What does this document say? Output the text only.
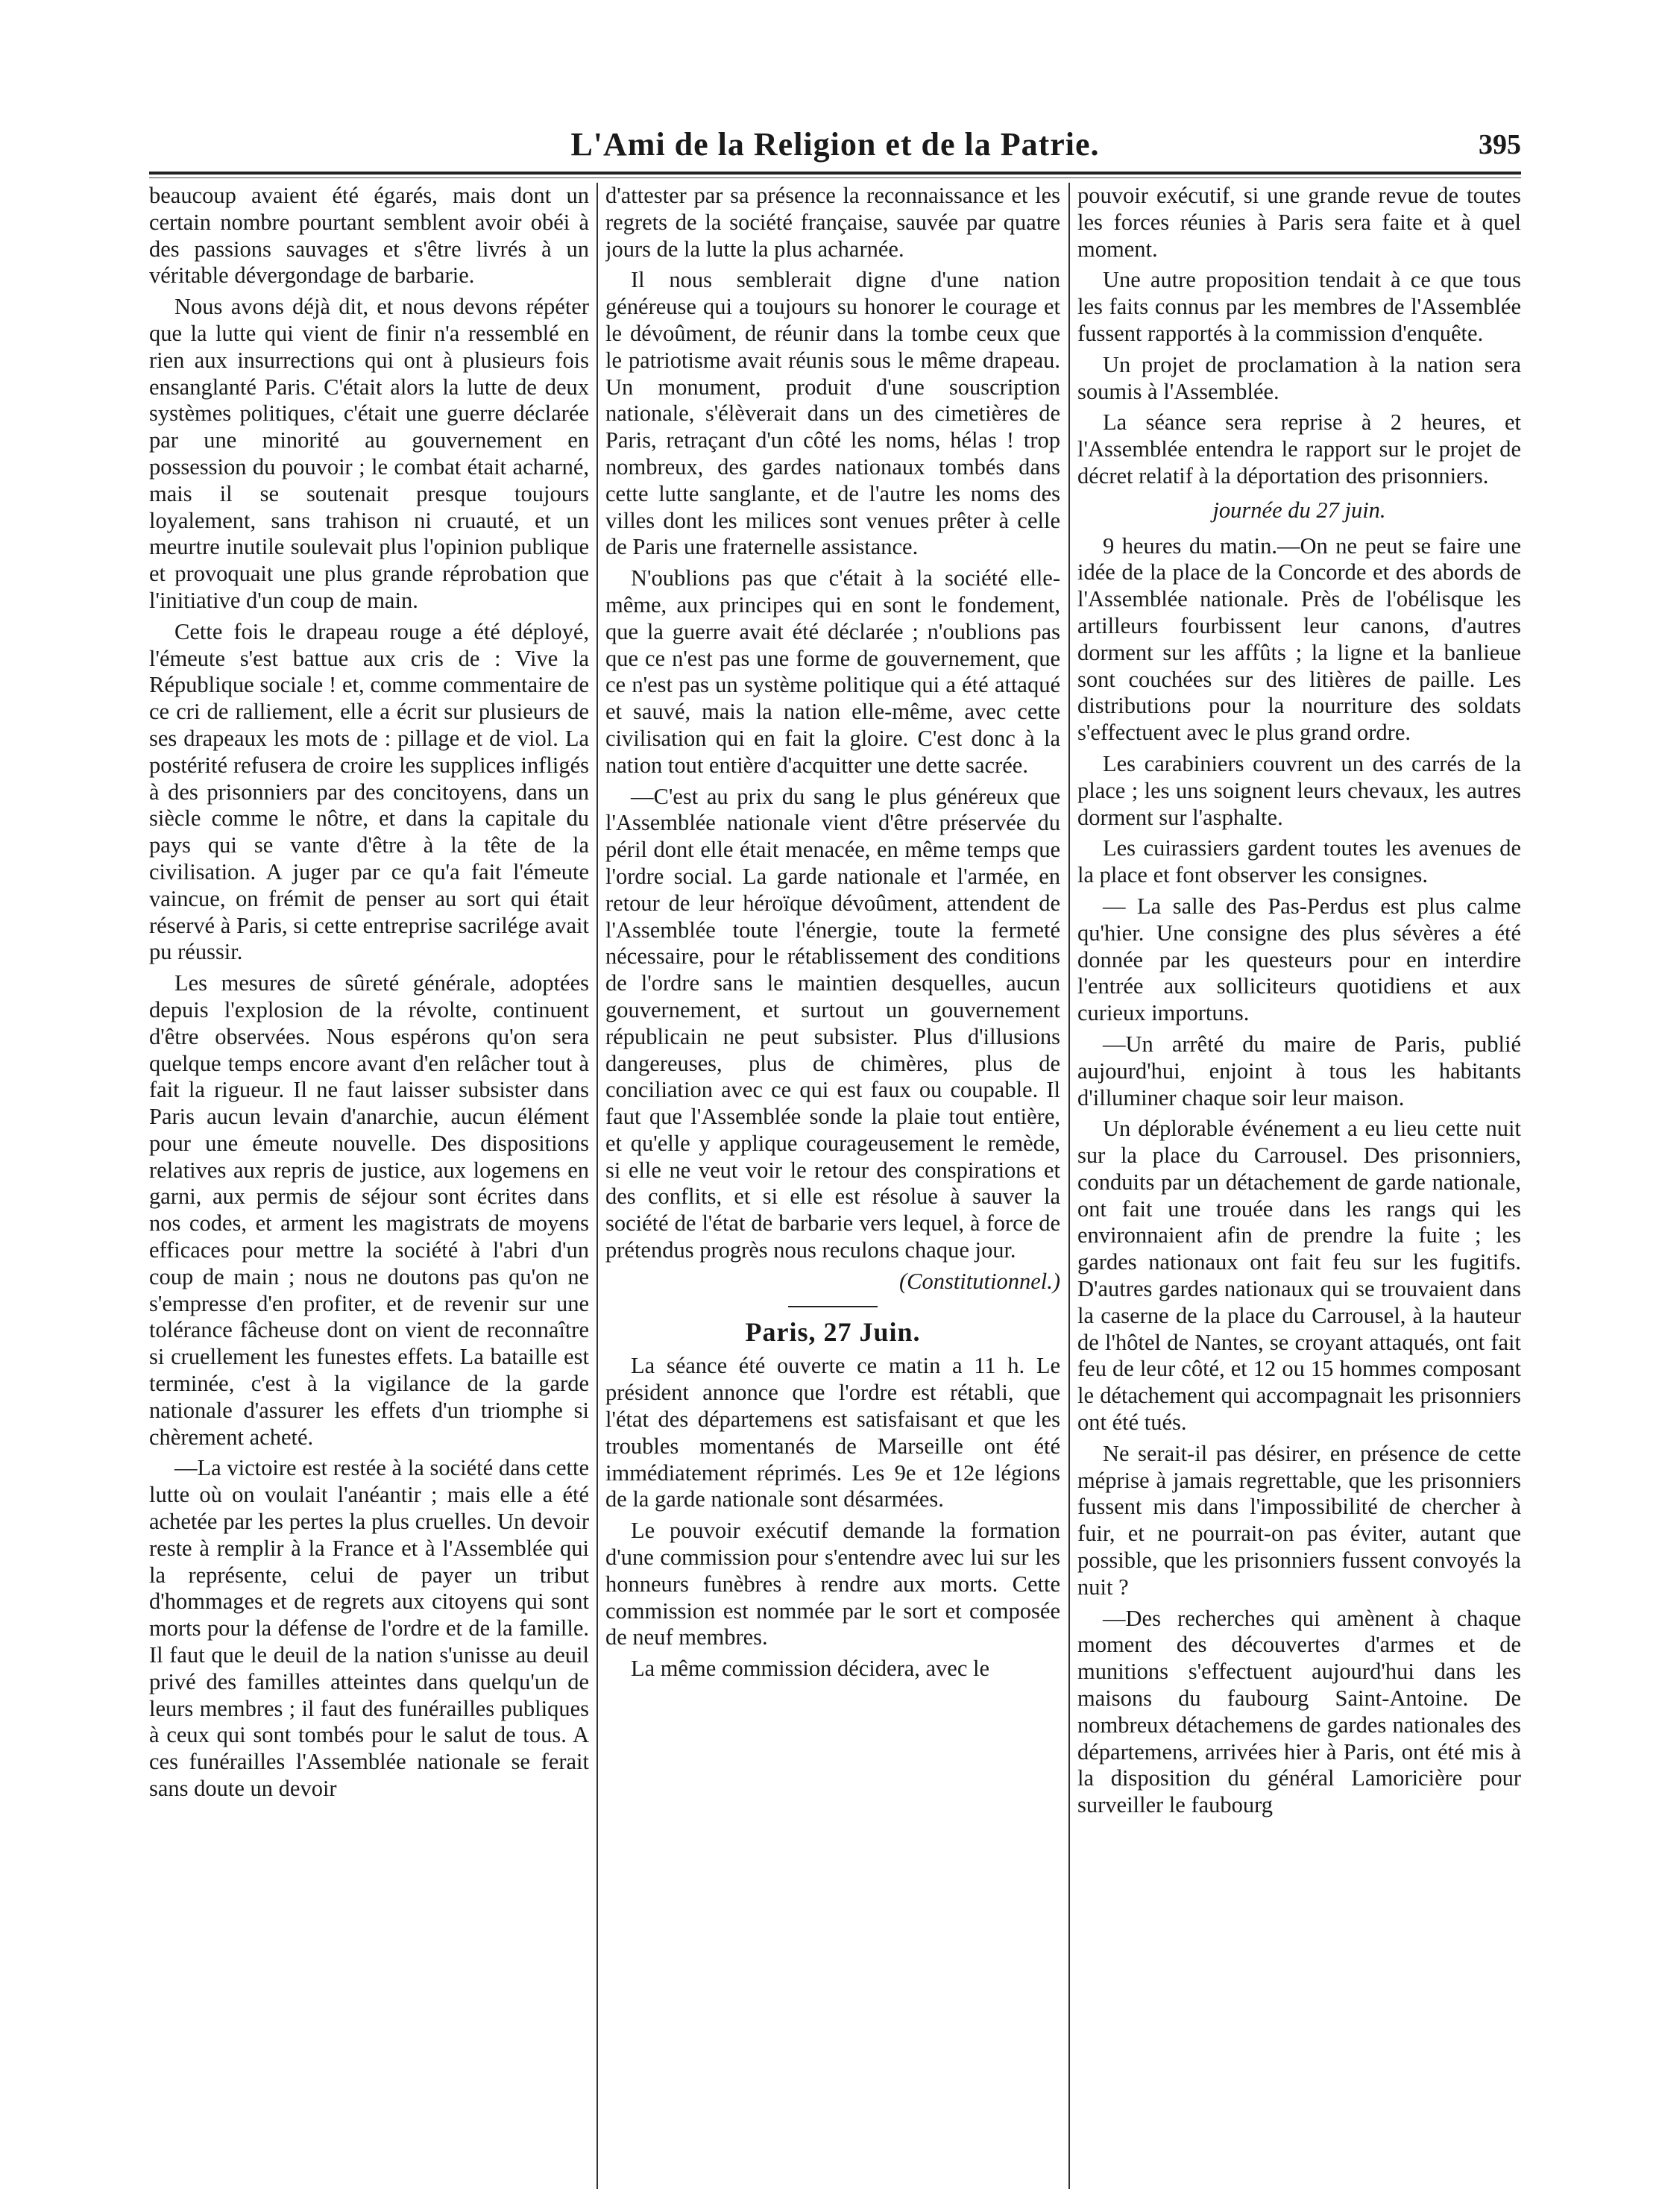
L'Ami de la Religion et de la Patrie.	395

beaucoup avaient été égarés, mais dont un certain nombre pourtant semblent avoir obéi à des passions sauvages et s'être livrés à un véritable dévergondage de barbarie.

Nous avons déjà dit, et nous devons répéter que la lutte qui vient de finir n'a ressemblé en rien aux insurrections qui ont à plusieurs fois ensanglanté Paris. C'était alors la lutte de deux systèmes politiques, c'était une guerre déclarée par une minorité au gouvernement en possession du pouvoir ; le combat était acharné, mais il se soutenait presque toujours loyalement, sans trahison ni cruauté, et un meurtre inutile soulevait plus l'opinion publique et provoquait une plus grande réprobation que l'initiative d'un coup de main.

Cette fois le drapeau rouge a été déployé, l'émeute s'est battue aux cris de : Vive la République sociale ! et, comme commentaire de ce cri de ralliement, elle a écrit sur plusieurs de ses drapeaux les mots de : pillage et de viol. La postérité refusera de croire les supplices infligés à des prisonniers par des concitoyens, dans un siècle comme le nôtre, et dans la capitale du pays qui se vante d'être à la tête de la civilisation. A juger par ce qu'a fait l'émeute vaincue, on frémit de penser au sort qui était réservé à Paris, si cette entreprise sacrilége avait pu réussir.

Les mesures de sûreté générale, adoptées depuis l'explosion de la révolte, continuent d'être observées. Nous espérons qu'on sera quelque temps encore avant d'en relâcher tout à fait la rigueur. Il ne faut laisser subsister dans Paris aucun levain d'anarchie, aucun élément pour une émeute nouvelle. Des dispositions relatives aux repris de justice, aux logemens en garni, aux permis de séjour sont écrites dans nos codes, et arment les magistrats de moyens efficaces pour mettre la société à l'abri d'un coup de main ; nous ne doutons pas qu'on ne s'empresse d'en profiter, et de revenir sur une tolérance fâcheuse dont on vient de reconnaître si cruellement les funestes effets. La bataille est terminée, c'est à la vigilance de la garde nationale d'assurer les effets d'un triomphe si chèrement acheté.

—La victoire est restée à la société dans cette lutte où on voulait l'anéantir ; mais elle a été achetée par les pertes la plus cruelles. Un devoir reste à remplir à la France et à l'Assemblée qui la représente, celui de payer un tribut d'hommages et de regrets aux citoyens qui sont morts pour la défense de l'ordre et de la famille. Il faut que le deuil de la nation s'unisse au deuil privé des familles atteintes dans quelqu'un de leurs membres ; il faut des funérailles publiques à ceux qui sont tombés pour le salut de tous. A ces funérailles l'Assemblée nationale se ferait sans doute un devoir

d'attester par sa présence la reconnaissance et les regrets de la société française, sauvée par quatre jours de la lutte la plus acharnée.

Il nous semblerait digne d'une nation généreuse qui a toujours su honorer le courage et le dévoûment, de réunir dans la tombe ceux que le patriotisme avait réunis sous le même drapeau. Un monument, produit d'une souscription nationale, s'élèverait dans un des cimetières de Paris, retraçant d'un côté les noms, hélas ! trop nombreux, des gardes nationaux tombés dans cette lutte sanglante, et de l'autre les noms des villes dont les milices sont venues prêter à celle de Paris une fraternelle assistance.

N'oublions pas que c'était à la société elle-même, aux principes qui en sont le fondement, que la guerre avait été déclarée ; n'oublions pas que ce n'est pas une forme de gouvernement, que ce n'est pas un système politique qui a été attaqué et sauvé, mais la nation elle-même, avec cette civilisation qui en fait la gloire. C'est donc à la nation tout entière d'acquitter une dette sacrée.

—C'est au prix du sang le plus généreux que l'Assemblée nationale vient d'être préservée du péril dont elle était menacée, en même temps que l'ordre social. La garde nationale et l'armée, en retour de leur héroïque dévoûment, attendent de l'Assemblée toute l'énergie, toute la fermeté nécessaire, pour le rétablissement des conditions de l'ordre sans le maintien desquelles, aucun gouvernement, et surtout un gouvernement républicain ne peut subsister. Plus d'illusions dangereuses, plus de chimères, plus de conciliation avec ce qui est faux ou coupable. Il faut que l'Assemblée sonde la plaie tout entière, et qu'elle y applique courageusement le remède, si elle ne veut voir le retour des conspirations et des conflits, et si elle est résolue à sauver la société de l'état de barbarie vers lequel, à force de prétendus progrès nous reculons chaque jour.

(Constitutionnel.)

Paris, 27 Juin.

La séance été ouverte ce matin a 11 h. Le président annonce que l'ordre est rétabli, que l'état des départemens est satisfaisant et que les troubles momentanés de Marseille ont été immédiatement réprimés. Les 9e et 12e légions de la garde nationale sont désarmées.

Le pouvoir exécutif demande la formation d'une commission pour s'entendre avec lui sur les honneurs funèbres à rendre aux morts. Cette commission est nommée par le sort et composée de neuf membres.

La même commission décidera, avec le

pouvoir exécutif, si une grande revue de toutes les forces réunies à Paris sera faite et à quel moment.

Une autre proposition tendait à ce que tous les faits connus par les membres de l'Assemblée fussent rapportés à la commission d'enquête.

Un projet de proclamation à la nation sera soumis à l'Assemblée.

La séance sera reprise à 2 heures, et l'Assemblée entendra le rapport sur le projet de décret relatif à la déportation des prisonniers.

journée du 27 juin.

9 heures du matin.—On ne peut se faire une idée de la place de la Concorde et des abords de l'Assemblée nationale. Près de l'obélisque les artilleurs fourbissent leur canons, d'autres dorment sur les affûts ; la ligne et la banlieue sont couchées sur des litières de paille. Les distributions pour la nourriture des soldats s'effectuent avec le plus grand ordre.

Les carabiniers couvrent un des carrés de la place ; les uns soignent leurs chevaux, les autres dorment sur l'asphalte.

Les cuirassiers gardent toutes les avenues de la place et font observer les consignes.

— La salle des Pas-Perdus est plus calme qu'hier. Une consigne des plus sévères a été donnée par les questeurs pour en interdire l'entrée aux solliciteurs quotidiens et aux curieux importuns.

—Un arrêté du maire de Paris, publié aujourd'hui, enjoint à tous les habitants d'illuminer chaque soir leur maison.

Un déplorable événement a eu lieu cette nuit sur la place du Carrousel. Des prisonniers, conduits par un détachement de garde nationale, ont fait une trouée dans les rangs qui les environnaient afin de prendre la fuite ; les gardes nationaux ont fait feu sur les fugitifs. D'autres gardes nationaux qui se trouvaient dans la caserne de la place du Carrousel, à la hauteur de l'hôtel de Nantes, se croyant attaqués, ont fait feu de leur côté, et 12 ou 15 hommes composant le détachement qui accompagnait les prisonniers ont été tués.

Ne serait-il pas désirer, en présence de cette méprise à jamais regrettable, que les prisonniers fussent mis dans l'impossibilité de chercher à fuir, et ne pourrait-on pas éviter, autant que possible, que les prisonniers fussent convoyés la nuit ?

—Des recherches qui amènent à chaque moment des découvertes d'armes et de munitions s'effectuent aujourd'hui dans les maisons du faubourg Saint-Antoine. De nombreux détachemens de gardes nationales des départemens, arrivées hier à Paris, ont été mis à la disposition du général Lamoricière pour surveiller le faubourg
